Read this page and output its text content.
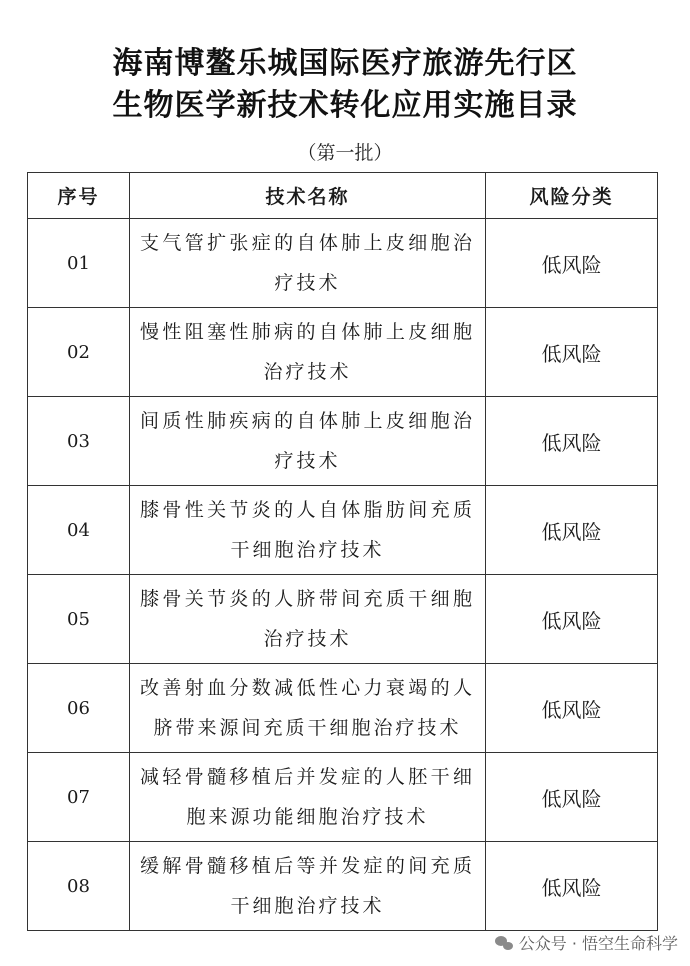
海南博鳌乐城国际医疗旅游先行区
生物医学新技术转化应用实施目录
（第一批）
序号	技术名称	风险分类
01	支气管扩张症的自体肺上皮细胞治疗技术	低风险
02	慢性阻塞性肺病的自体肺上皮细胞治疗技术	低风险
03	间质性肺疾病的自体肺上皮细胞治疗技术	低风险
04	膝骨性关节炎的人自体脂肪间充质干细胞治疗技术	低风险
05	膝骨关节炎的人脐带间充质干细胞治疗技术	低风险
06	改善射血分数减低性心力衰竭的人脐带来源间充质干细胞治疗技术	低风险
07	减轻骨髓移植后并发症的人胚干细胞来源功能细胞治疗技术	低风险
08	缓解骨髓移植后等并发症的间充质干细胞治疗技术	低风险
公众号 · 悟空生命科学
